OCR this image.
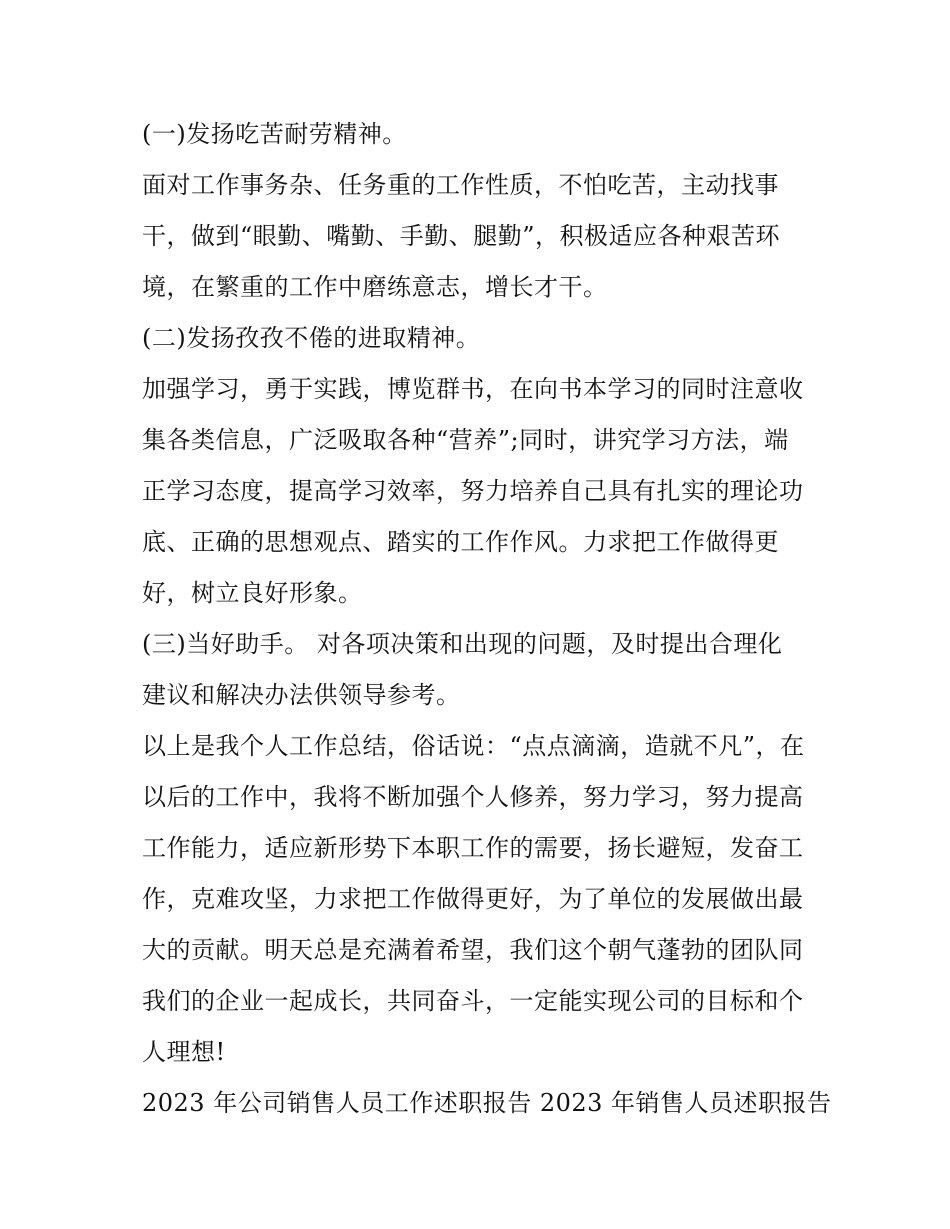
(一)发扬吃苦耐劳精神。
面对工作事务杂、任务重的工作性质，不怕吃苦，主动找事
干，做到“眼勤、嘴勤、手勤、腿勤”，积极适应各种艰苦环
境，在繁重的工作中磨练意志，增长才干。
(二)发扬孜孜不倦的进取精神。
加强学习，勇于实践，博览群书，在向书本学习的同时注意收
集各类信息，广泛吸取各种“营养”;同时，讲究学习方法，端
正学习态度，提高学习效率，努力培养自己具有扎实的理论功
底、正确的思想观点、踏实的工作作风。力求把工作做得更
好，树立良好形象。
(三)当好助手。 对各项决策和出现的问题，及时提出合理化
建议和解决办法供领导参考。
以上是我个人工作总结，俗话说：“点点滴滴，造就不凡”，在
以后的工作中，我将不断加强个人修养，努力学习，努力提高
工作能力，适应新形势下本职工作的需要，扬长避短，发奋工
作，克难攻坚，力求把工作做得更好，为了单位的发展做出最
大的贡献。明天总是充满着希望，我们这个朝气蓬勃的团队同
我们的企业一起成长，共同奋斗，一定能实现公司的目标和个
人理想!
2023 年公司销售人员工作述职报告 2023 年销售人员述职报告
